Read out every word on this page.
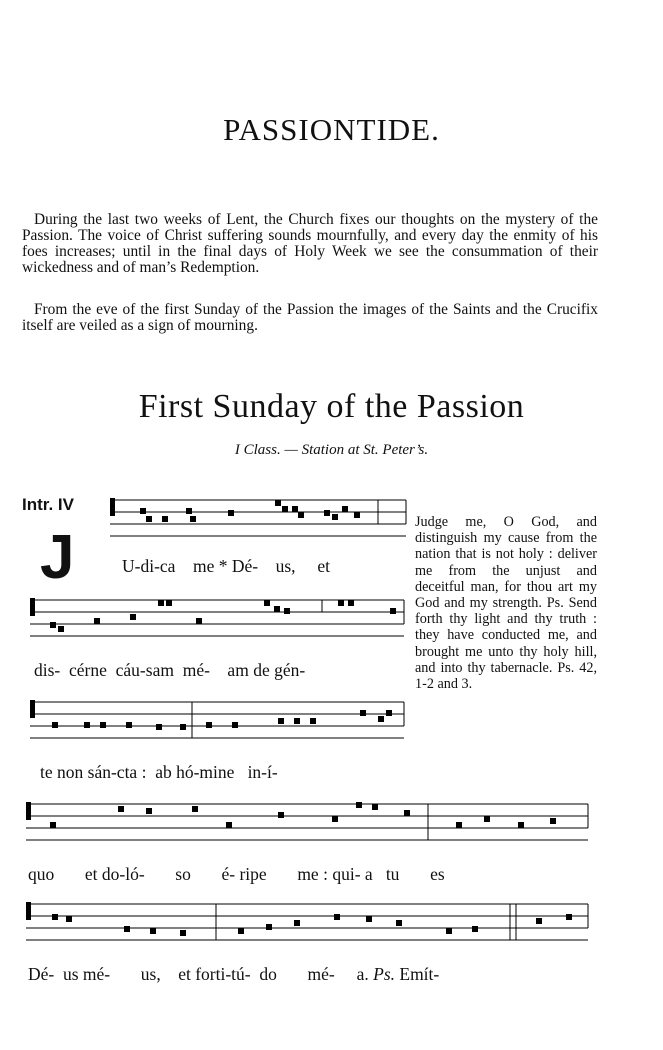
PASSIONTIDE.

During the last two weeks of Lent, the Church fixes our thoughts on the mystery of the Passion. The voice of Christ suffering sounds mournfully, and every day the enmity of his foes increases; until in the final days of Holy Week we see the consummation of their wickedness and of man’s Redemption.

From the eve of the first Sunday of the Passion the images of the Saints and the Crucifix itself are veiled as a sign of mourning.

First Sunday of the Passion
I Class. — Station at St. Peter’s.
Intr. IV
J
Judge me, O God, and distinguish my cause from the nation that is not holy : deliver me from the unjust and deceitful man, for thou art my God and my strength. Ps. Send forth thy light and thy truth : they have conducted me, and brought me unto thy holy hill, and into thy tabernacle. Ps. 42, 1-2 and 3.
U-di-ca me * Dé- us, et
dis- cérne cáu-sam mé- am de gén-
te non sán-cta : ab hó-mine in-í-
quo et do-ló- so é- ripe me : qui- a tu es
Dé- us mé- us, et forti-tú- do mé- a. Ps. Emít-
